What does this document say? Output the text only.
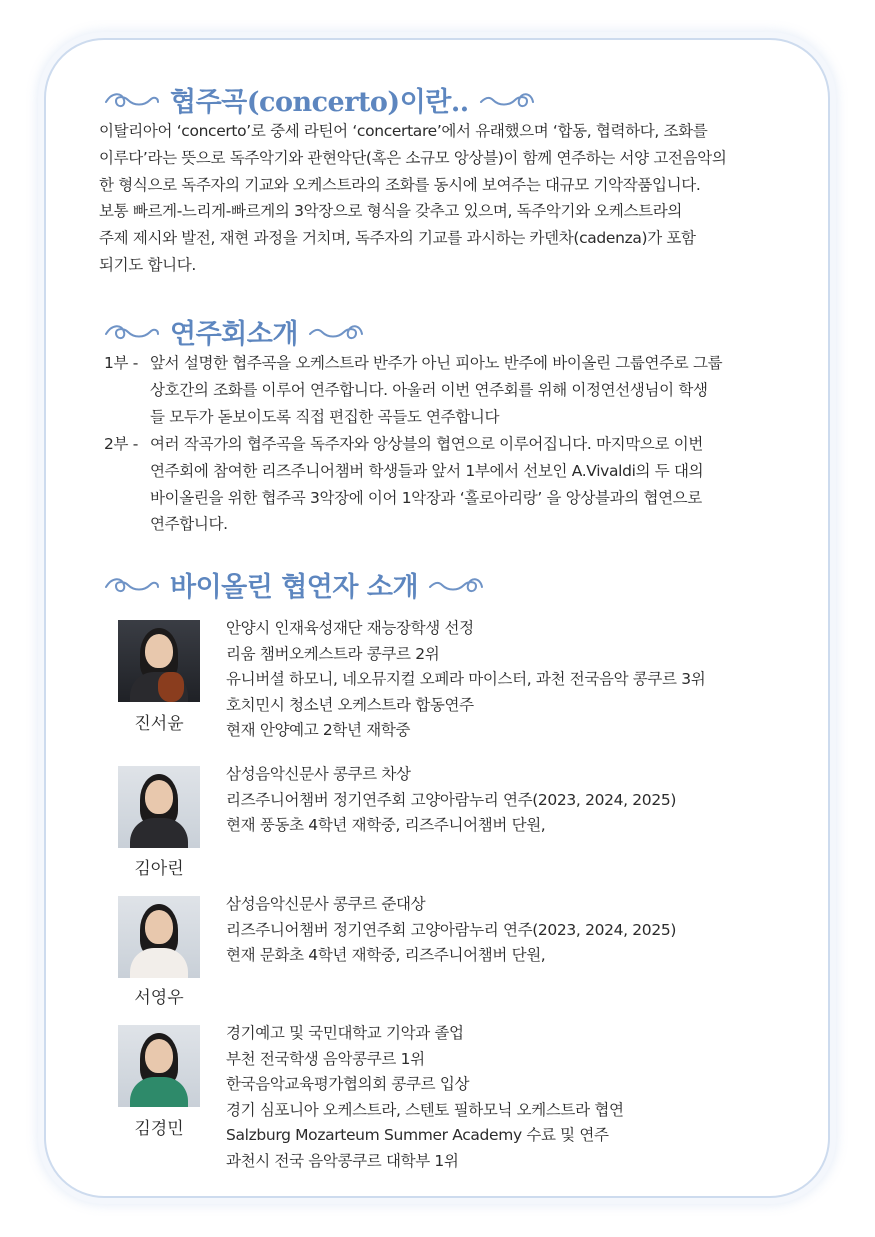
협주곡(concerto)이란..

이탈리아어 ‘concerto’로 중세 라틴어 ‘concertare’에서 유래했으며 ‘합동, 협력하다, 조화를
이루다’라는 뜻으로 독주악기와 관현악단(혹은 소규모 앙상블)이 함께 연주하는 서양 고전음악의
한 형식으로 독주자의 기교와 오케스트라의 조화를 동시에 보여주는 대규모 기악작품입니다.
보통 빠르게-느리게-빠르게의 3악장으로 형식을 갖추고 있으며, 독주악기와 오케스트라의
주제 제시와 발전, 재현 과정을 거치며, 독주자의 기교를 과시하는 카덴차(cadenza)가 포함
되기도 합니다.

연주회소개
1부 - 앞서 설명한 협주곡을 오케스트라 반주가 아닌 피아노 반주에 바이올린 그룹연주로 그룹
상호간의 조화를 이루어 연주합니다. 아울러 이번 연주회를 위해 이정연선생님이 학생
들 모두가 돋보이도록 직접 편집한 곡들도 연주합니다
2부 - 여러 작곡가의 협주곡을 독주자와 앙상블의 협연으로 이루어집니다. 마지막으로 이번
연주회에 참여한 리즈주니어챔버 학생들과 앞서 1부에서 선보인 A.Vivaldi의 두 대의
바이올린을 위한 협주곡 3악장에 이어 1악장과 ‘홀로아리랑’ 을 앙상블과의 협연으로
연주합니다.
바이올린 협연자 소개
진서윤
안양시 인재육성재단 재능장학생 선정
리움 챔버오케스트라 콩쿠르 2위
유니버셜 하모니, 네오뮤지컬 오페라 마이스터, 과천 전국음악 콩쿠르 3위
호치민시 청소년 오케스트라 합동연주
현재 안양예고 2학년 재학중
김아린
삼성음악신문사 콩쿠르 차상
리즈주니어챔버 정기연주회 고양아람누리 연주(2023, 2024, 2025)
현재 풍동초 4학년 재학중, 리즈주니어챔버 단원,
서영우
삼성음악신문사 콩쿠르 준대상
리즈주니어챔버 정기연주회 고양아람누리 연주(2023, 2024, 2025)
현재 문화초 4학년 재학중, 리즈주니어챔버 단원,
김경민
경기예고 및 국민대학교 기악과 졸업
부천 전국학생 음악콩쿠르 1위
한국음악교육평가협의회 콩쿠르 입상
경기 심포니아 오케스트라, 스텐토 필하모닉 오케스트라 협연
Salzburg Mozarteum Summer Academy 수료 및 연주
과천시 전국 음악콩쿠르 대학부 1위
